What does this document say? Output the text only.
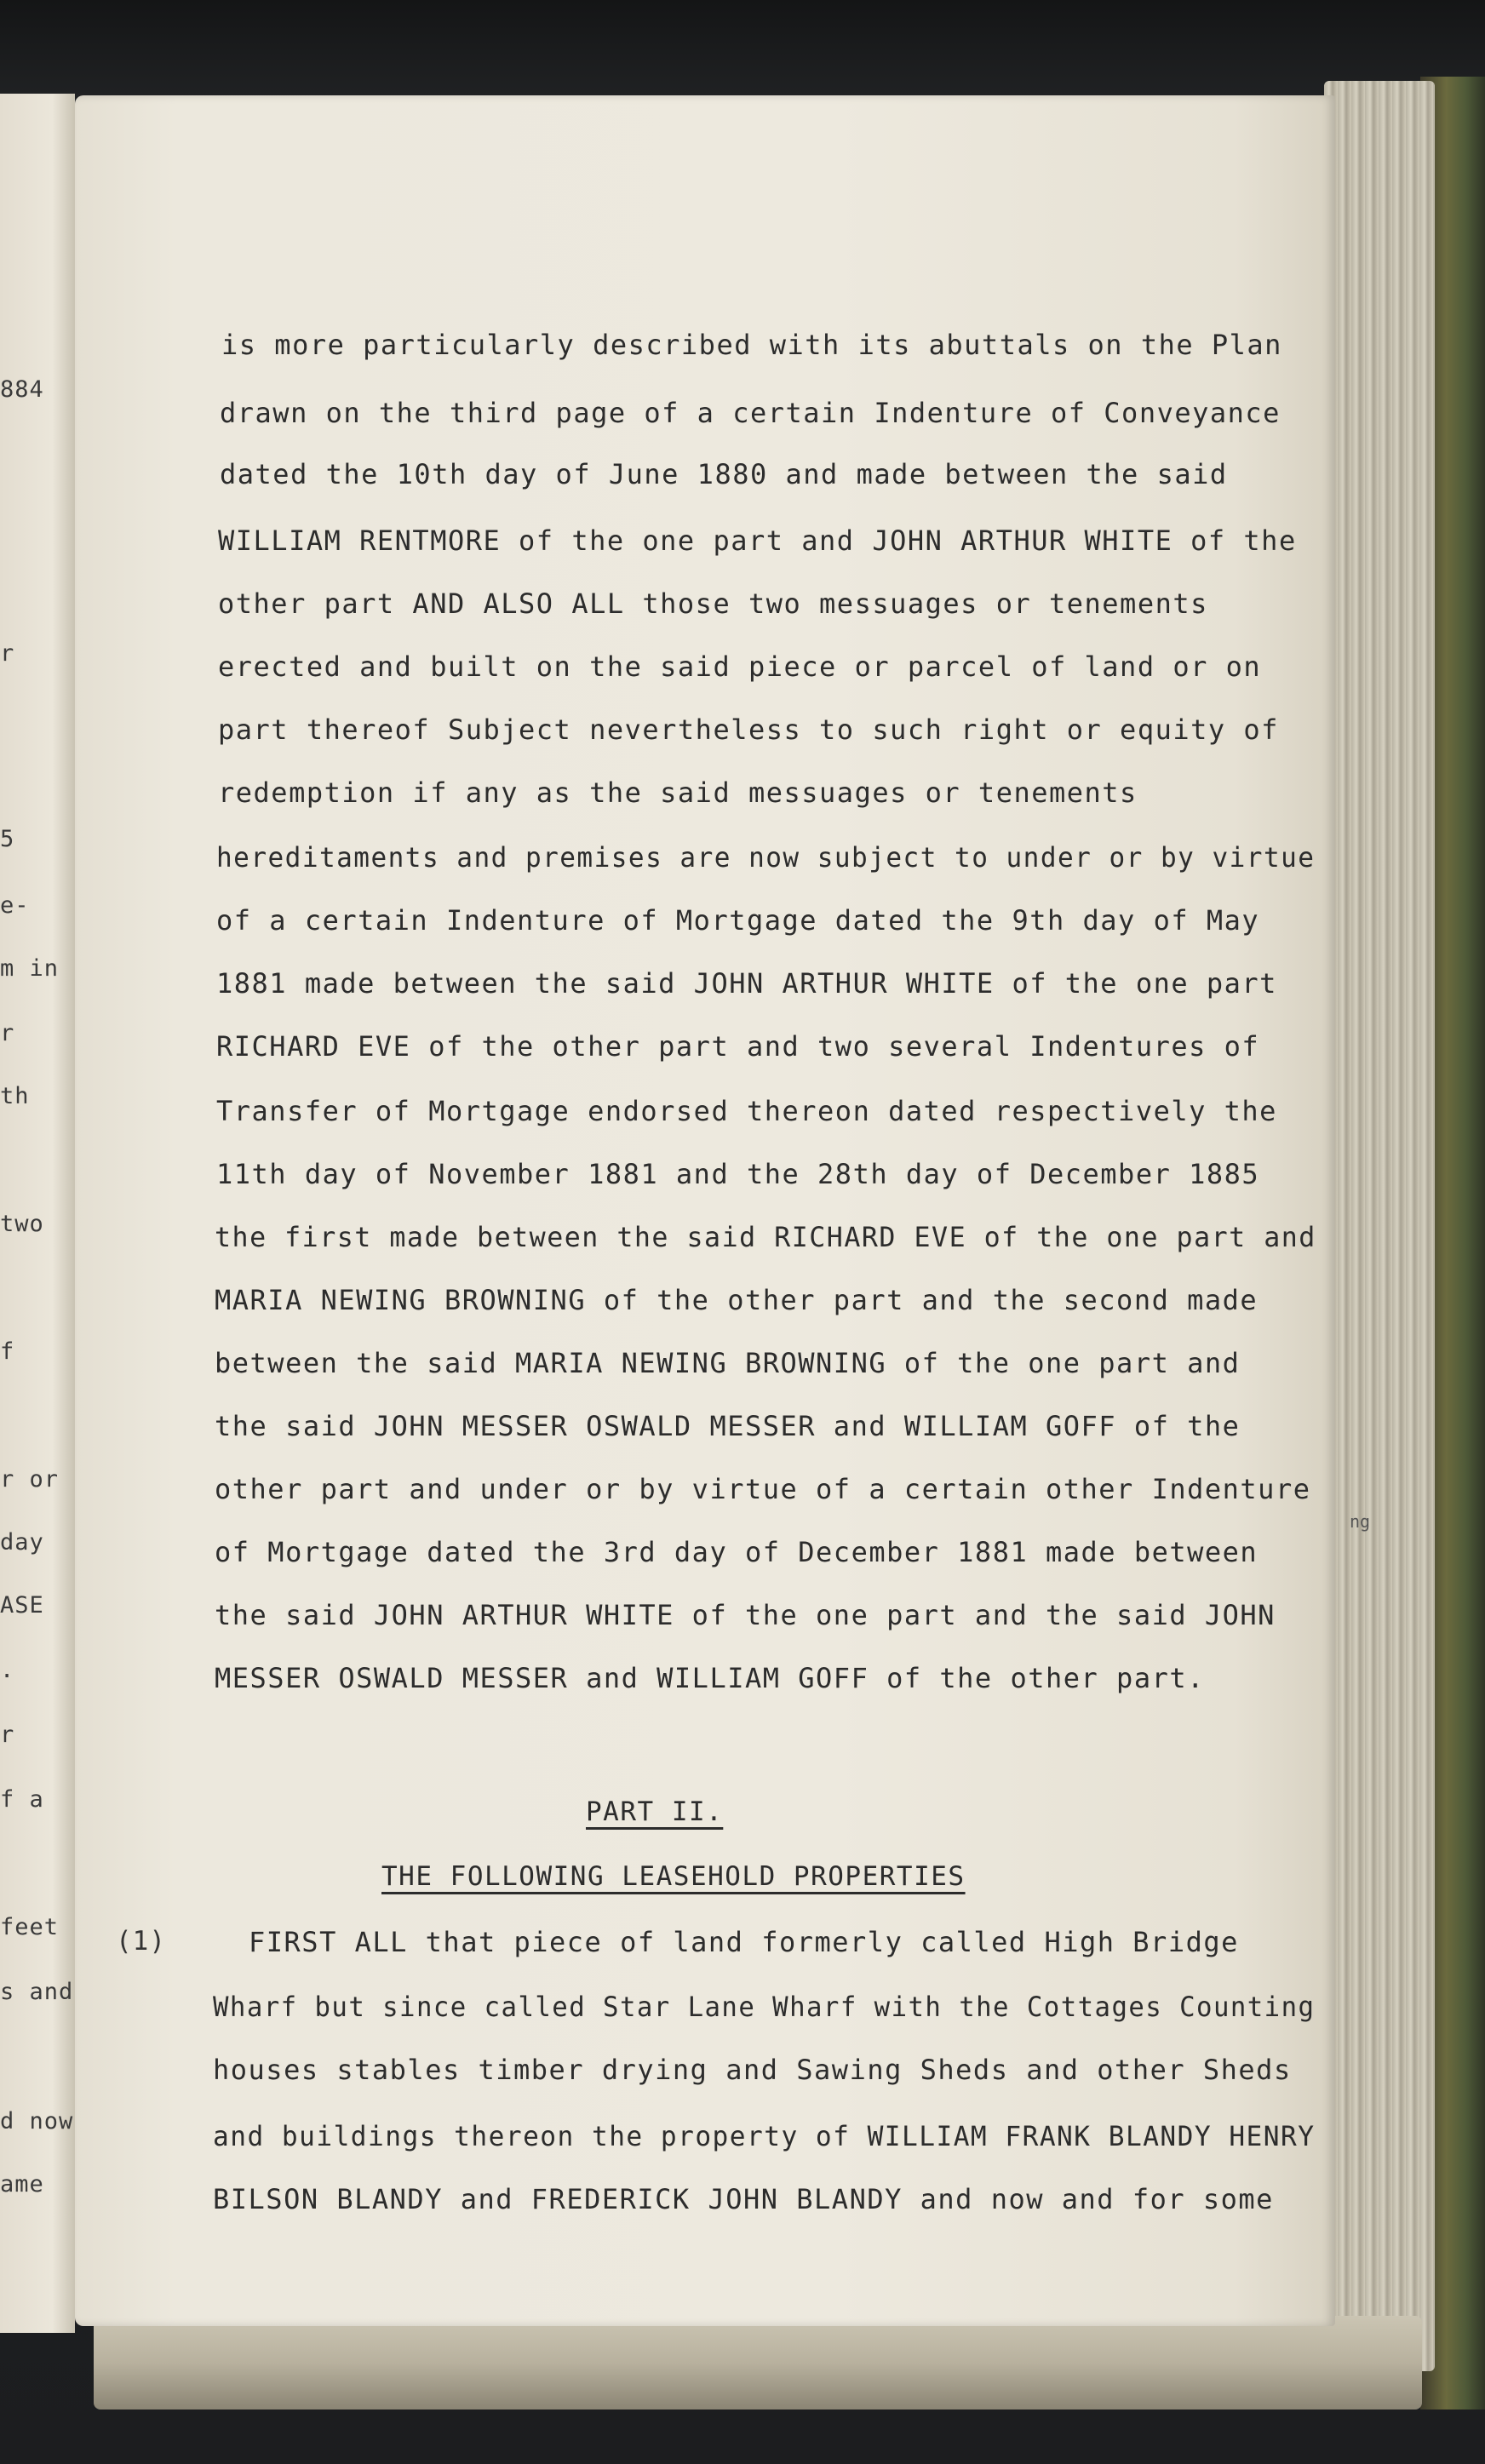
884
r
5
e-
m in
r
th
two
f
r or
day
ASE
.
r
f a
feet
s and
d now
ame
is more particularly described with its abuttals on the Plan
drawn on the third page of a certain Indenture of Conveyance
dated the 10th day of June 1880 and made between the said
WILLIAM RENTMORE of the one part and JOHN ARTHUR WHITE of the
other part AND ALSO ALL those two messuages or tenements
erected and built on the said piece or parcel of land or on
part thereof Subject nevertheless to such right or equity of
redemption if any as the said messuages or tenements
hereditaments and premises are now subject to under or by virtue
of a certain Indenture of Mortgage dated the 9th day of May
1881 made between the said JOHN ARTHUR WHITE of the one part
RICHARD EVE of the other part and two several Indentures of
Transfer of Mortgage endorsed thereon dated respectively the
11th day of November 1881 and the 28th day of December 1885
the first made between the said RICHARD EVE of the one part and
MARIA NEWING BROWNING of the other part and the second made
between the said MARIA NEWING BROWNING of the one part and
the said JOHN MESSER OSWALD MESSER and WILLIAM GOFF of the
other part and under or by virtue of a certain other Indenture
of Mortgage dated the 3rd day of December 1881 made between
the said JOHN ARTHUR WHITE of the one part and the said JOHN
MESSER OSWALD MESSER and WILLIAM GOFF of the other part.
PART II.
THE FOLLOWING LEASEHOLD PROPERTIES
(1)	FIRST ALL that piece of land formerly called High Bridge
Wharf but since called Star Lane Wharf with the Cottages Counting
houses stables timber drying and Sawing Sheds and other Sheds
and buildings thereon the property of WILLIAM FRANK BLANDY HENRY
BILSON BLANDY and FREDERICK JOHN BLANDY and now and for some
ng
